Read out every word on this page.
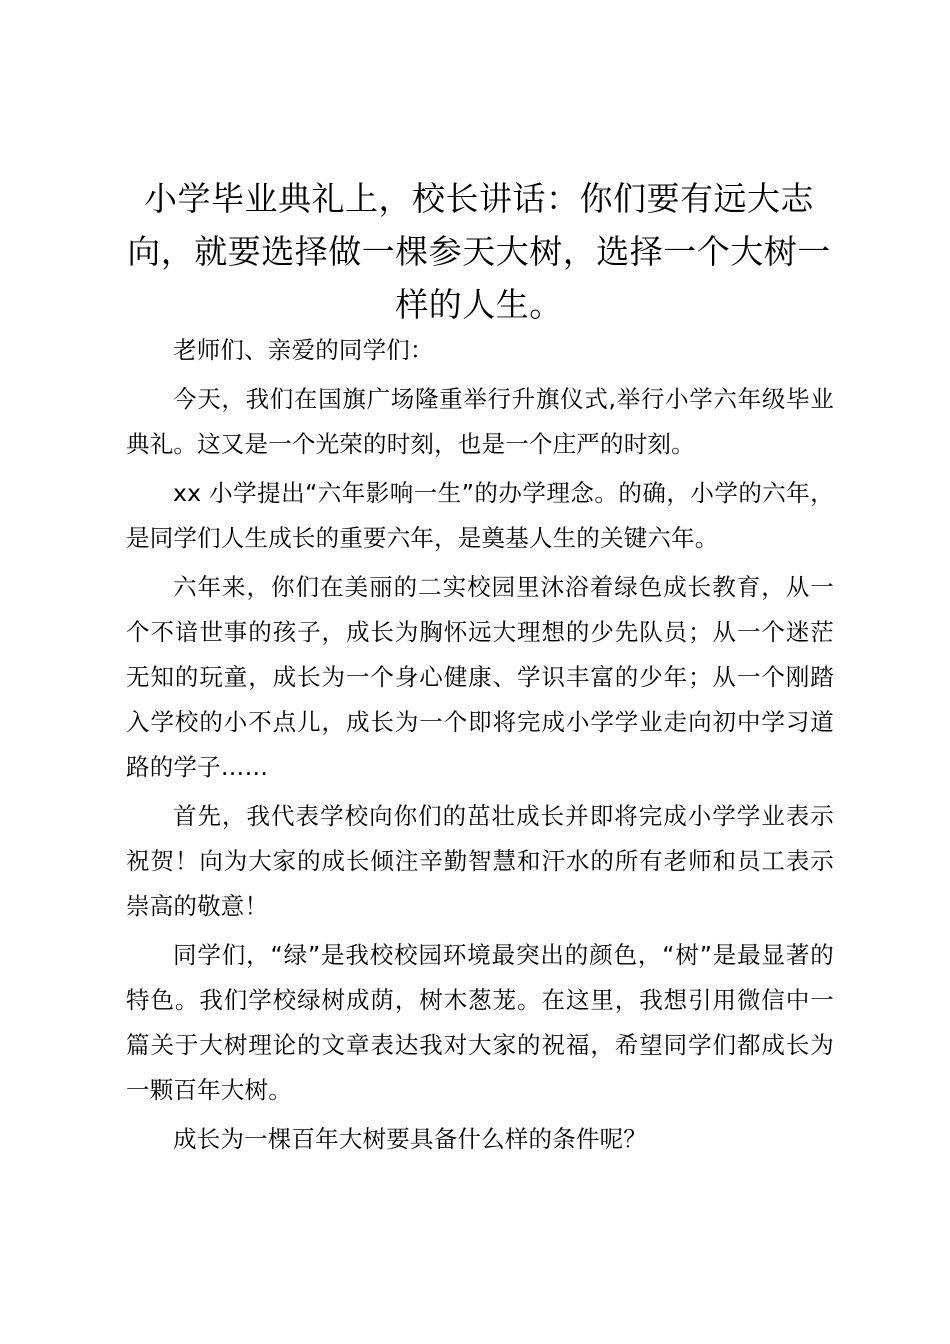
小学毕业典礼上，校长讲话：你们要有远大志向，就要选择做一棵参天大树，选择一个大树一样的人生。

老师们、亲爱的同学们：

今天，我们在国旗广场隆重举行升旗仪式,举行小学六年级毕业典礼。这又是一个光荣的时刻，也是一个庄严的时刻。

xx 小学提出“六年影响一生”的办学理念。的确，小学的六年，是同学们人生成长的重要六年，是奠基人生的关键六年。

六年来，你们在美丽的二实校园里沐浴着绿色成长教育，从一个不谙世事的孩子，成长为胸怀远大理想的少先队员；从一个迷茫无知的玩童，成长为一个身心健康、学识丰富的少年；从一个刚踏入学校的小不点儿，成长为一个即将完成小学学业走向初中学习道路的学子……

首先，我代表学校向你们的茁壮成长并即将完成小学学业表示祝贺！向为大家的成长倾注辛勤智慧和汗水的所有老师和员工表示崇高的敬意！

同学们，“绿”是我校校园环境最突出的颜色，“树”是最显著的特色。我们学校绿树成荫，树木葱茏。在这里，我想引用微信中一篇关于大树理论的文章表达我对大家的祝福，希望同学们都成长为一颗百年大树。

成长为一棵百年大树要具备什么样的条件呢？
